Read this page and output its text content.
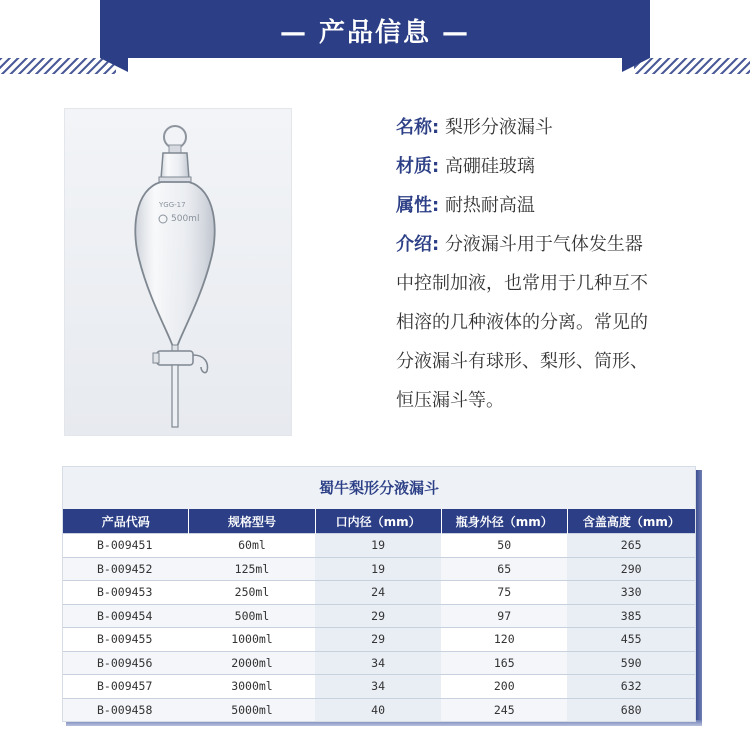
— 产品信息 —
YGG-17
500ml
名称: 梨形分液漏斗
材质: 高硼硅玻璃
属性: 耐热耐高温
介绍: 分液漏斗用于气体发生器

中控制加液，也常用于几种互不

相溶的几种液体的分离。常见的

分液漏斗有球形、梨形、筒形、

恒压漏斗等。

蜀牛梨形分液漏斗
产品代码	规格型号	口内径（mm）	瓶身外径（mm）	含盖高度（mm）
B-009451	60ml	19	50	265
B-009452	125ml	19	65	290
B-009453	250ml	24	75	330
B-009454	500ml	29	97	385
B-009455	1000ml	29	120	455
B-009456	2000ml	34	165	590
B-009457	3000ml	34	200	632
B-009458	5000ml	40	245	680
